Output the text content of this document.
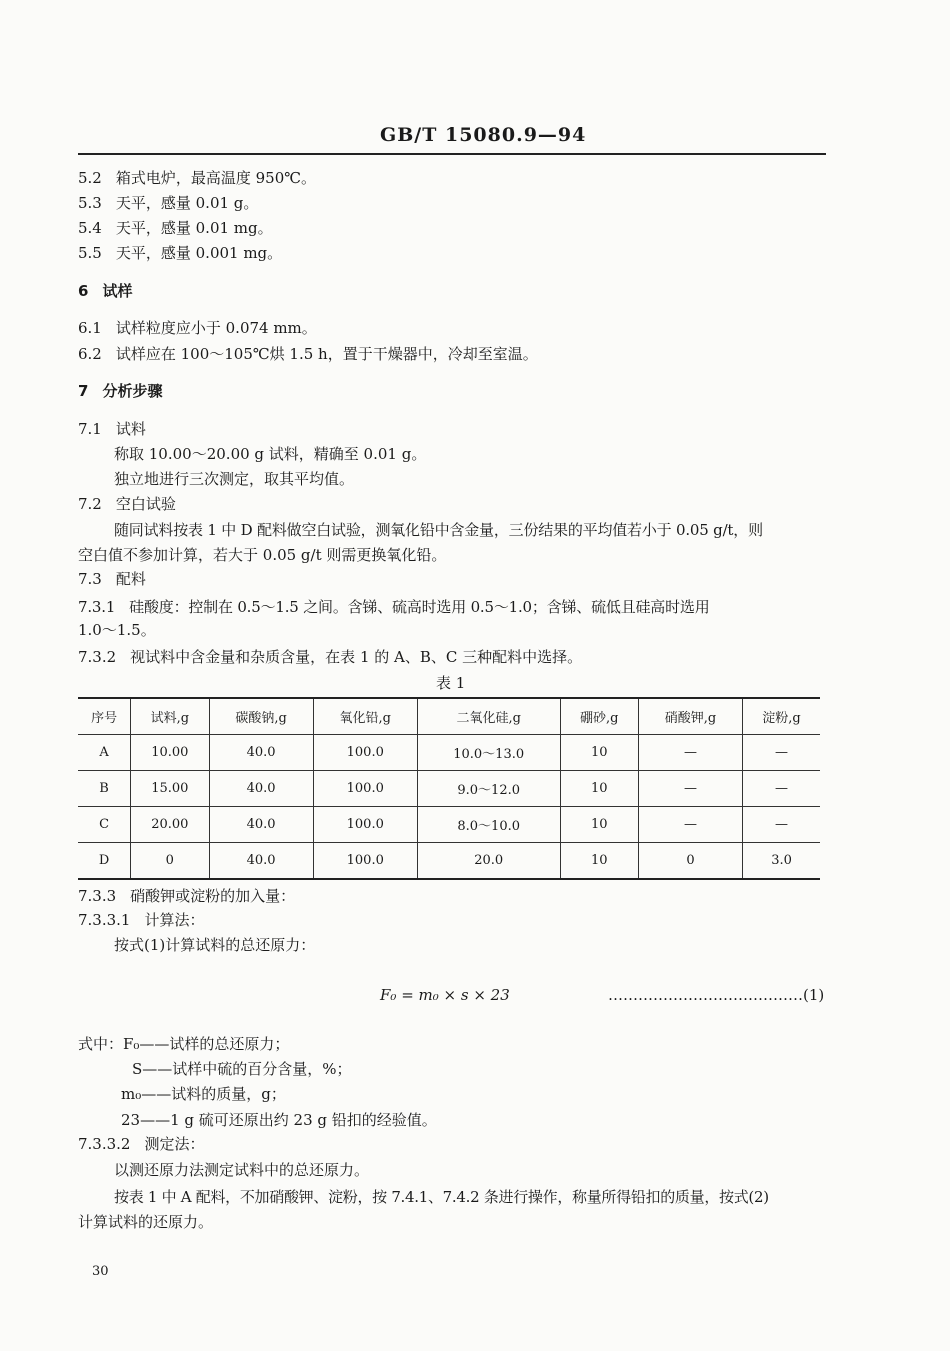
GB/T 15080.9—94
5.2 箱式电炉，最高温度 950℃。
5.3 天平，感量 0.01 g。
5.4 天平，感量 0.01 mg。
5.5 天平，感量 0.001 mg。
6 试样
6.1 试样粒度应小于 0.074 mm。
6.2 试样应在 100～105℃烘 1.5 h，置于干燥器中，冷却至室温。
7 分析步骤
7.1 试料
称取 10.00～20.00 g 试料，精确至 0.01 g。
独立地进行三次测定，取其平均值。
7.2 空白试验
随同试料按表 1 中 D 配料做空白试验，测氧化铅中含金量，三份结果的平均值若小于 0.05 g/t，则
空白值不参加计算，若大于 0.05 g/t 则需更换氧化铅。
7.3 配料
7.3.1 硅酸度：控制在 0.5～1.5 之间。含锑、硫高时选用 0.5～1.0；含锑、硫低且硅高时选用
1.0～1.5。
7.3.2 视试料中含金量和杂质含量，在表 1 的 A、B、C 三种配料中选择。
表 1
序号	试料,g	碳酸钠,g	氧化铅,g	二氧化硅,g	硼砂,g	硝酸钾,g	淀粉,g
A	10.00	40.0	100.0	10.0～13.0	10	—	—
B	15.00	40.0	100.0	9.0～12.0	10	—	—
C	20.00	40.0	100.0	8.0～10.0	10	—	—
D	0	40.0	100.0	20.0	10	0	3.0
7.3.3 硝酸钾或淀粉的加入量：
7.3.3.1 计算法：
按式(1)计算试料的总还原力：
F₀ = m₀ × s × 23	…………………………………(1)
式中：F₀——试样的总还原力；
S——试样中硫的百分含量，%；
m₀——试料的质量，g；
23——1 g 硫可还原出约 23 g 铅扣的经验值。
7.3.3.2 测定法：
以测还原力法测定试料中的总还原力。
按表 1 中 A 配料，不加硝酸钾、淀粉，按 7.4.1、7.4.2 条进行操作，称量所得铅扣的质量，按式(2)
计算试料的还原力。
30
